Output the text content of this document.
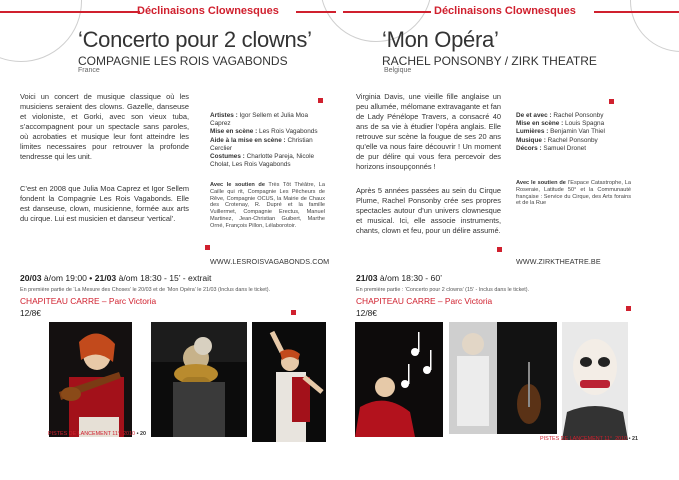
Déclinaisons Clownesques
‘Concerto pour 2 clowns’
COMPAGNIE LES ROIS VAGABONDS
France
Voici un concert de musique classique où les musiciens seraient des clowns. Gazelle, danseuse et violoniste, et Gorki, avec son vieux tuba, s’accompagnent pour un spectacle sans paroles, où acrobaties et musique leur font atteindre les limites necessaires pour retrouver la profonde tendresse qui les unit.
C’est en 2008 que Julia Moa Caprez et Igor Sellem fondent la Compagnie Les Rois Vagabonds. Elle est danseuse, clown, musicienne, formée aux arts du cirque. Lui est musicien et danseur ‘vertical’.
Artistes : Igor Sellem et Julia Moa Caprez
Mise en scène : Les Rois Vagabonds
Aide à la mise en scène : Christian Cerclier
Costumes : Charlotte Pareja, Nicole Cholat, Les Rois Vagabonds
Avec le soutien de Très Tôt Théâtre, La Caille qui rit, Compagnie Les Pêcheurs de Rêve, Compagnie OCUS, la Mairie de Chaux des Crotenay, R. Dupré et la famille Vuillermet, Compagnie Erectus, Manuel Martinez, Jean-Christian Guibert, Marthe Orné, François Pillon, Lélaborotoir.
WWW.LESROISVAGABONDS.COM
20/03 à/om 19:00 • 21/03 à/om 18:30 - 15’ - extrait
En première partie de ‘La Mesure des Choses’ le 20/03 et de ‘Mon Opéra’ le 21/03 (Inclus dans le ticket).
CHAPITEAU CARRE – Parc Victoria
12/8€
PISTES DE LANCEMENT 11° 2010 • 20
Déclinaisons Clownesques
‘Mon Opéra’
RACHEL PONSONBY / ZIRK THEATRE
Belgique
Virginia Davis, une vieille fille anglaise un peu allumée, mélomane extravagante et fan de Lady Pénélope Travers, a consacré 40 ans de sa vie à étudier l’opéra anglais. Elle retrouve sur scène la fougue de ses 20 ans qu’elle va nous faire découvrir ! Un moment de pur délire qui vous fera percevoir des horizons insoupçonnés !
Après 5 années passées au sein du Cirque Plume, Rachel Ponsonby crée ses propres spectacles autour d’un univers clownesque et musical. Ici, elle associe instruments, chants, clown et feu, pour un délire assumé.
De et avec : Rachel Ponsonby
Mise en scène : Louis Spagna
Lumières : Benjamin Van Thiel
Musique : Rachel Ponsonby
Décors : Samuel Dronet
Avec le soutien de l’Espace Catastrophe, La Roseraie, Latitude 50° et la Communauté française : Service du Cirque, des Arts forains et de la Rue
WWW.ZIRKTHEATRE.BE
21/03 à/om 18:30 - 60’
En première partie : ‘Concerto pour 2 clowns’ (15’ - Inclus dans le ticket).
CHAPITEAU CARRE – Parc Victoria
12/8€
PISTES DE LANCEMENT 11° 2010 • 21
